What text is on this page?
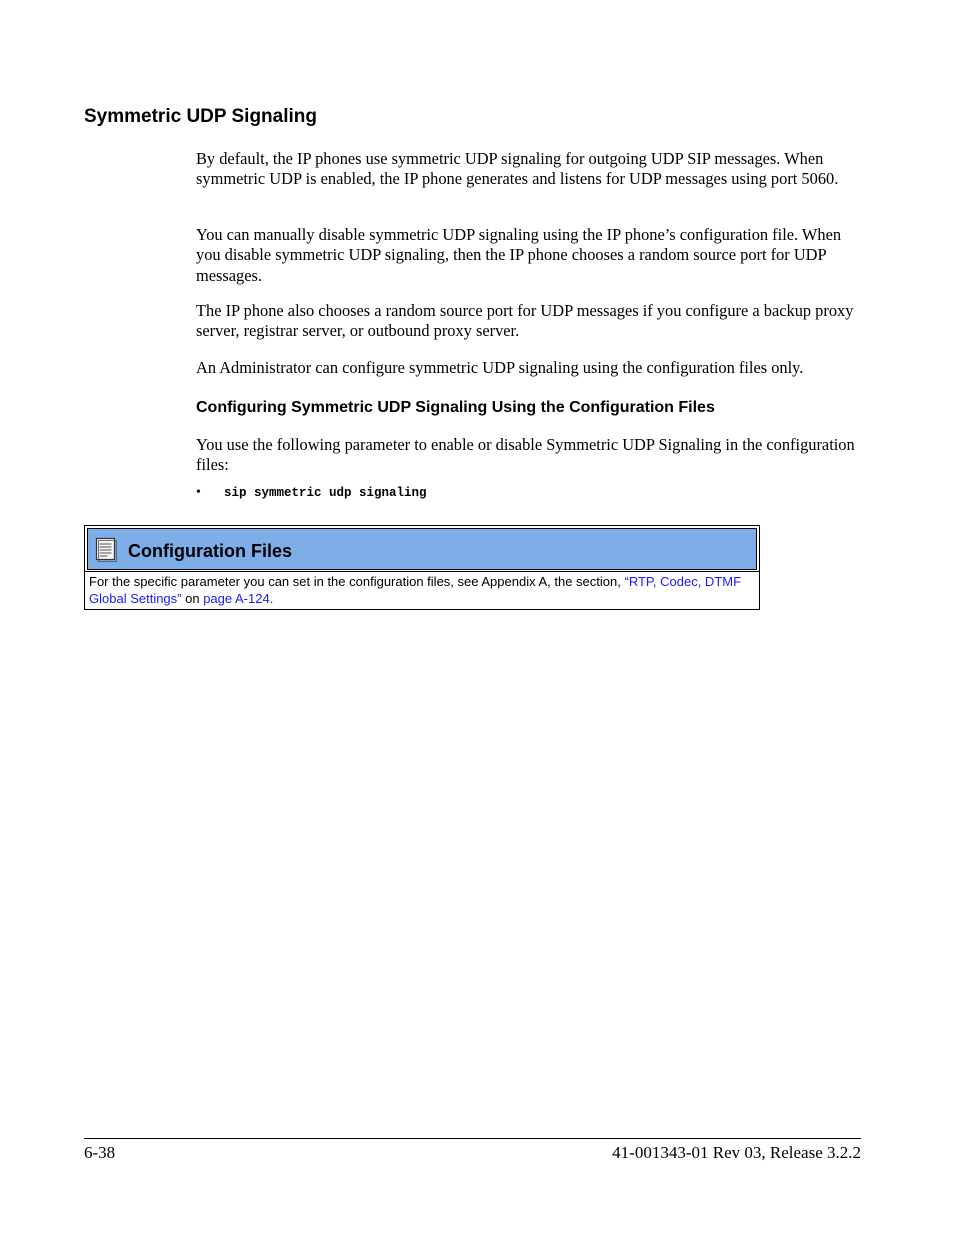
Symmetric UDP Signaling

By default, the IP phones use symmetric UDP signaling for outgoing UDP SIP messages. When symmetric UDP is enabled, the IP phone generates and listens for UDP messages using port 5060.

You can manually disable symmetric UDP signaling using the IP phone’s configuration file. When you disable symmetric UDP signaling, then the IP phone chooses a random source port for UDP messages.

The IP phone also chooses a random source port for UDP messages if you configure a backup proxy server, registrar server, or outbound proxy server.

An Administrator can configure symmetric UDP signaling using the configuration files only.

Configuring Symmetric UDP Signaling Using the Configuration Files

You use the following parameter to enable or disable Symmetric UDP Signaling in the configuration files:

•	sip symmetric udp signaling
Configuration Files
For the specific parameter you can set in the configuration files, see Appendix A, the section, “RTP, Codec, DTMF Global Settings” on page A-124.
6-38	41-001343-01 Rev 03, Release 3.2.2
